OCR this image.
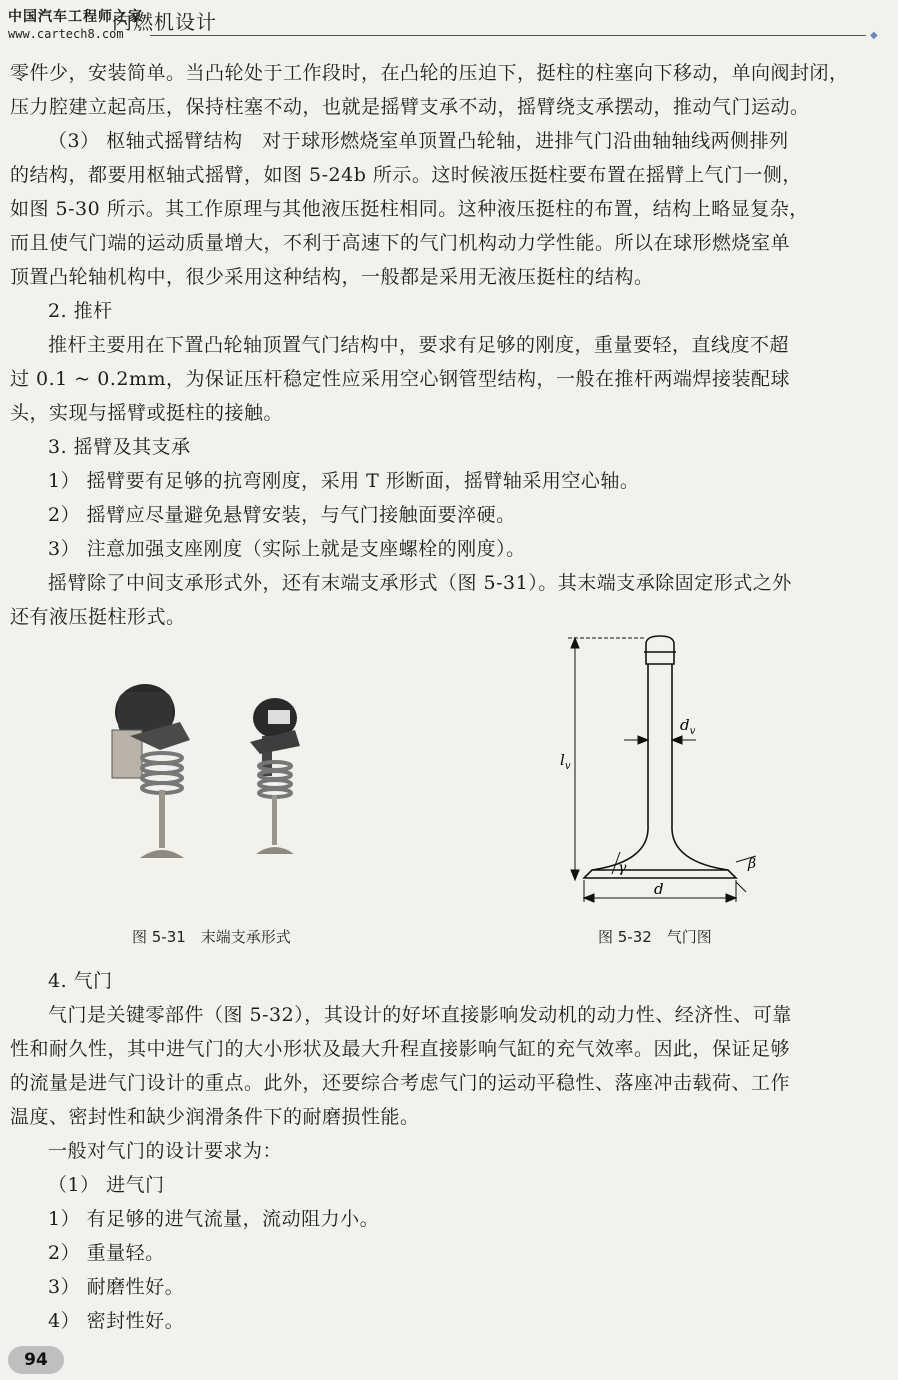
中国汽车工程师之家
www.cartech8.com
内燃机设计
◆
零件少，安装简单。当凸轮处于工作段时，在凸轮的压迫下，挺柱的柱塞向下移动，单向阀封闭，
压力腔建立起高压，保持柱塞不动，也就是摇臂支承不动，摇臂绕支承摆动，推动气门运动。
（3） 枢轴式摇臂结构　对于球形燃烧室单顶置凸轮轴，进排气门沿曲轴轴线两侧排列
的结构，都要用枢轴式摇臂，如图 5-24b 所示。这时候液压挺柱要布置在摇臂上气门一侧，
如图 5-30 所示。其工作原理与其他液压挺柱相同。这种液压挺柱的布置，结构上略显复杂，
而且使气门端的运动质量增大，不利于高速下的气门机构动力学性能。所以在球形燃烧室单
顶置凸轮轴机构中，很少采用这种结构，一般都是采用无液压挺柱的结构。
2. 推杆
推杆主要用在下置凸轮轴顶置气门结构中，要求有足够的刚度，重量要轻，直线度不超
过 0.1 ~ 0.2mm，为保证压杆稳定性应采用空心钢管型结构，一般在推杆两端焊接装配球
头，实现与摇臂或挺柱的接触。
3. 摇臂及其支承
1） 摇臂要有足够的抗弯刚度，采用 T 形断面，摇臂轴采用空心轴。
2） 摇臂应尽量避免悬臂安装，与气门接触面要淬硬。
3） 注意加强支座刚度（实际上就是支座螺栓的刚度）。
摇臂除了中间支承形式外，还有末端支承形式（图 5-31）。其末端支承除固定形式之外
还有液压挺柱形式。
图 5-31　末端支承形式
$l_v$
$d_v$
d
β
γ
图 5-32　气门图
4. 气门
气门是关键零部件（图 5-32），其设计的好坏直接影响发动机的动力性、经济性、可靠
性和耐久性，其中进气门的大小形状及最大升程直接影响气缸的充气效率。因此，保证足够
的流量是进气门设计的重点。此外，还要综合考虑气门的运动平稳性、落座冲击载荷、工作
温度、密封性和缺少润滑条件下的耐磨损性能。
一般对气门的设计要求为：
（1） 进气门
1） 有足够的进气流量，流动阻力小。
2） 重量轻。
3） 耐磨性好。
4） 密封性好。
94
